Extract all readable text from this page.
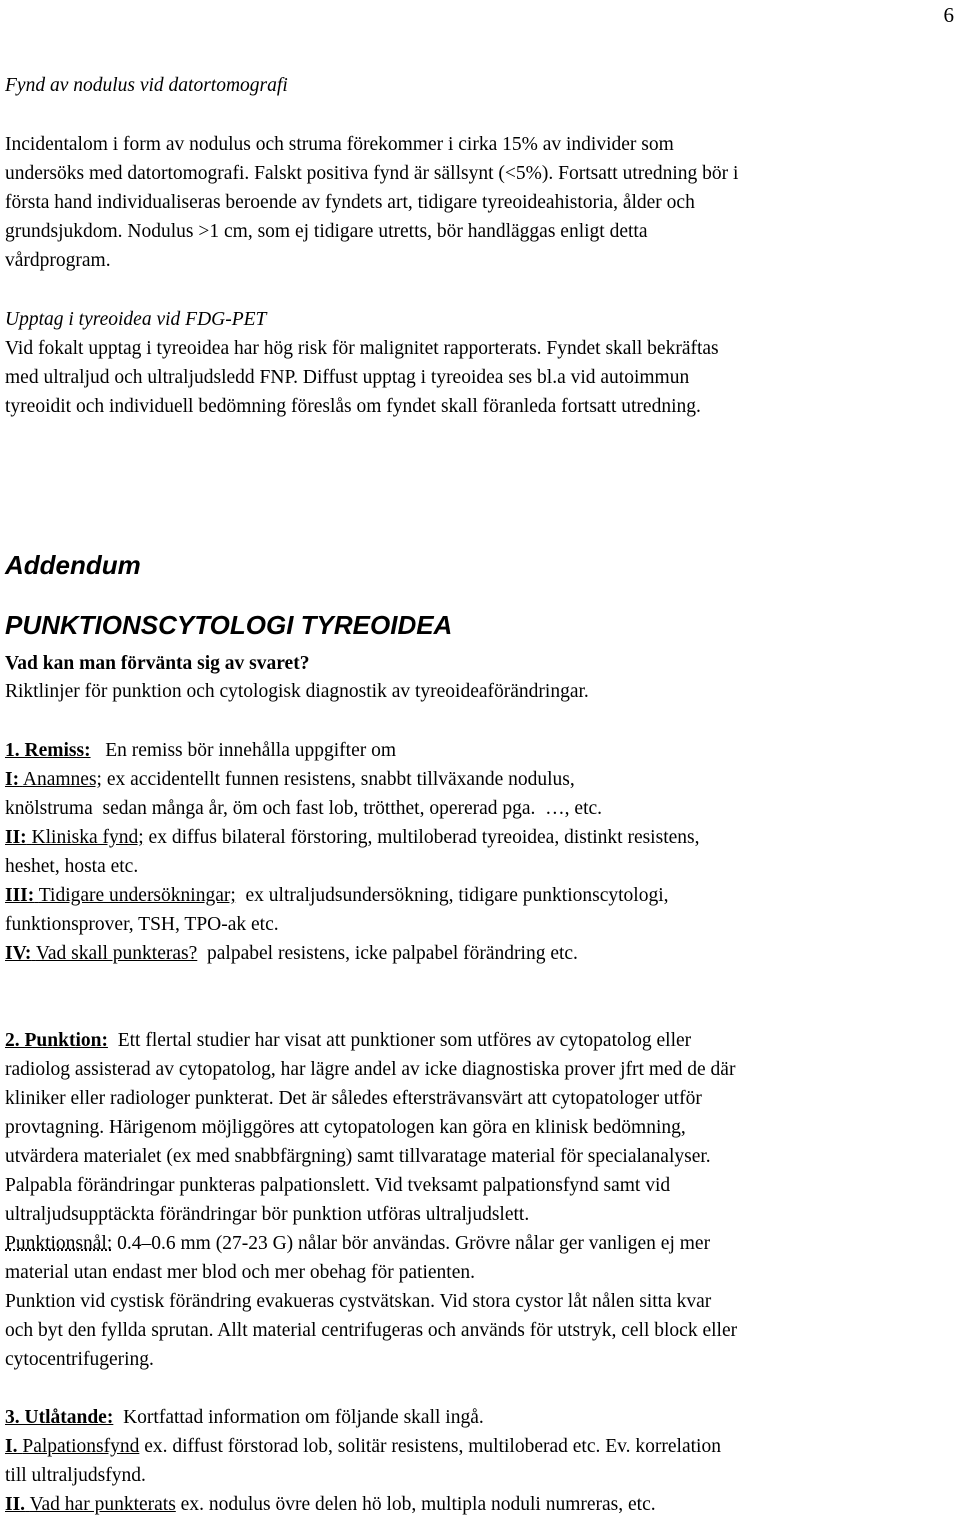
6
Fynd av nodulus vid datortomografi
Incidentalom i form av nodulus och struma förekommer i cirka 15% av individer som
undersöks med datortomografi. Falskt positiva fynd är sällsynt (<5%). Fortsatt utredning bör i
första hand individualiseras beroende av fyndets art, tidigare tyreoideahistoria, ålder och
grundsjukdom. Nodulus >1 cm, som ej tidigare utretts, bör handläggas enligt detta
vårdprogram.
Upptag i tyreoidea vid FDG-PET
Vid fokalt upptag i tyreoidea har hög risk för malignitet rapporterats. Fyndet skall bekräftas
med ultraljud och ultraljudsledd FNP. Diffust upptag i tyreoidea ses bl.a vid autoimmun
tyreoidit och individuell bedömning föreslås om fyndet skall föranleda fortsatt utredning.
Addendum
PUNKTIONSCYTOLOGI TYREOIDEA
Vad kan man förvänta sig av svaret?
Riktlinjer för punktion och cytologisk diagnostik av tyreoideaförändringar.
1. Remiss: En remiss bör innehålla uppgifter om
I: Anamnes; ex accidentellt funnen resistens, snabbt tillväxande nodulus,
knölstruma  sedan många år, öm och fast lob, trötthet, opererad pga.  …, etc.
II: Kliniska fynd; ex diffus bilateral förstoring, multiloberad tyreoidea, distinkt resistens,
heshet, hosta etc.
III: Tidigare undersökningar;  ex ultraljudsundersökning, tidigare punktionscytologi,
funktionsprover, TSH, TPO-ak etc.
IV: Vad skall punkteras?  palpabel resistens, icke palpabel förändring etc.
2. Punktion: Ett flertal studier har visat att punktioner som utföres av cytopatolog eller
radiolog assisterad av cytopatolog, har lägre andel av icke diagnostiska prover jfrt med de där
kliniker eller radiologer punkterat. Det är således eftersträvansvärt att cytopatologer utför
provtagning. Härigenom möjliggöres att cytopatologen kan göra en klinisk bedömning,
utvärdera materialet (ex med snabbfärgning) samt tillvaratage material för specialanalyser.
Palpabla förändringar punkteras palpationslett. Vid tveksamt palpationsfynd samt vid
ultraljudsupptäckta förändringar bör punktion utföras ultraljudslett.
Punktionsnål: 0.4–0.6 mm (27-23 G) nålar bör användas. Grövre nålar ger vanligen ej mer
material utan endast mer blod och mer obehag för patienten.
Punktion vid cystisk förändring evakueras cystvätskan. Vid stora cystor låt nålen sitta kvar
och byt den fyllda sprutan. Allt material centrifugeras och används för utstryk, cell block eller
cytocentrifugering.
3. Utlåtande: Kortfattad information om följande skall ingå.
I. Palpationsfynd ex. diffust förstorad lob, solitär resistens, multiloberad etc. Ev. korrelation
till ultraljudsfynd.
II. Vad har punkterats ex. nodulus övre delen hö lob, multipla noduli numreras, etc.
